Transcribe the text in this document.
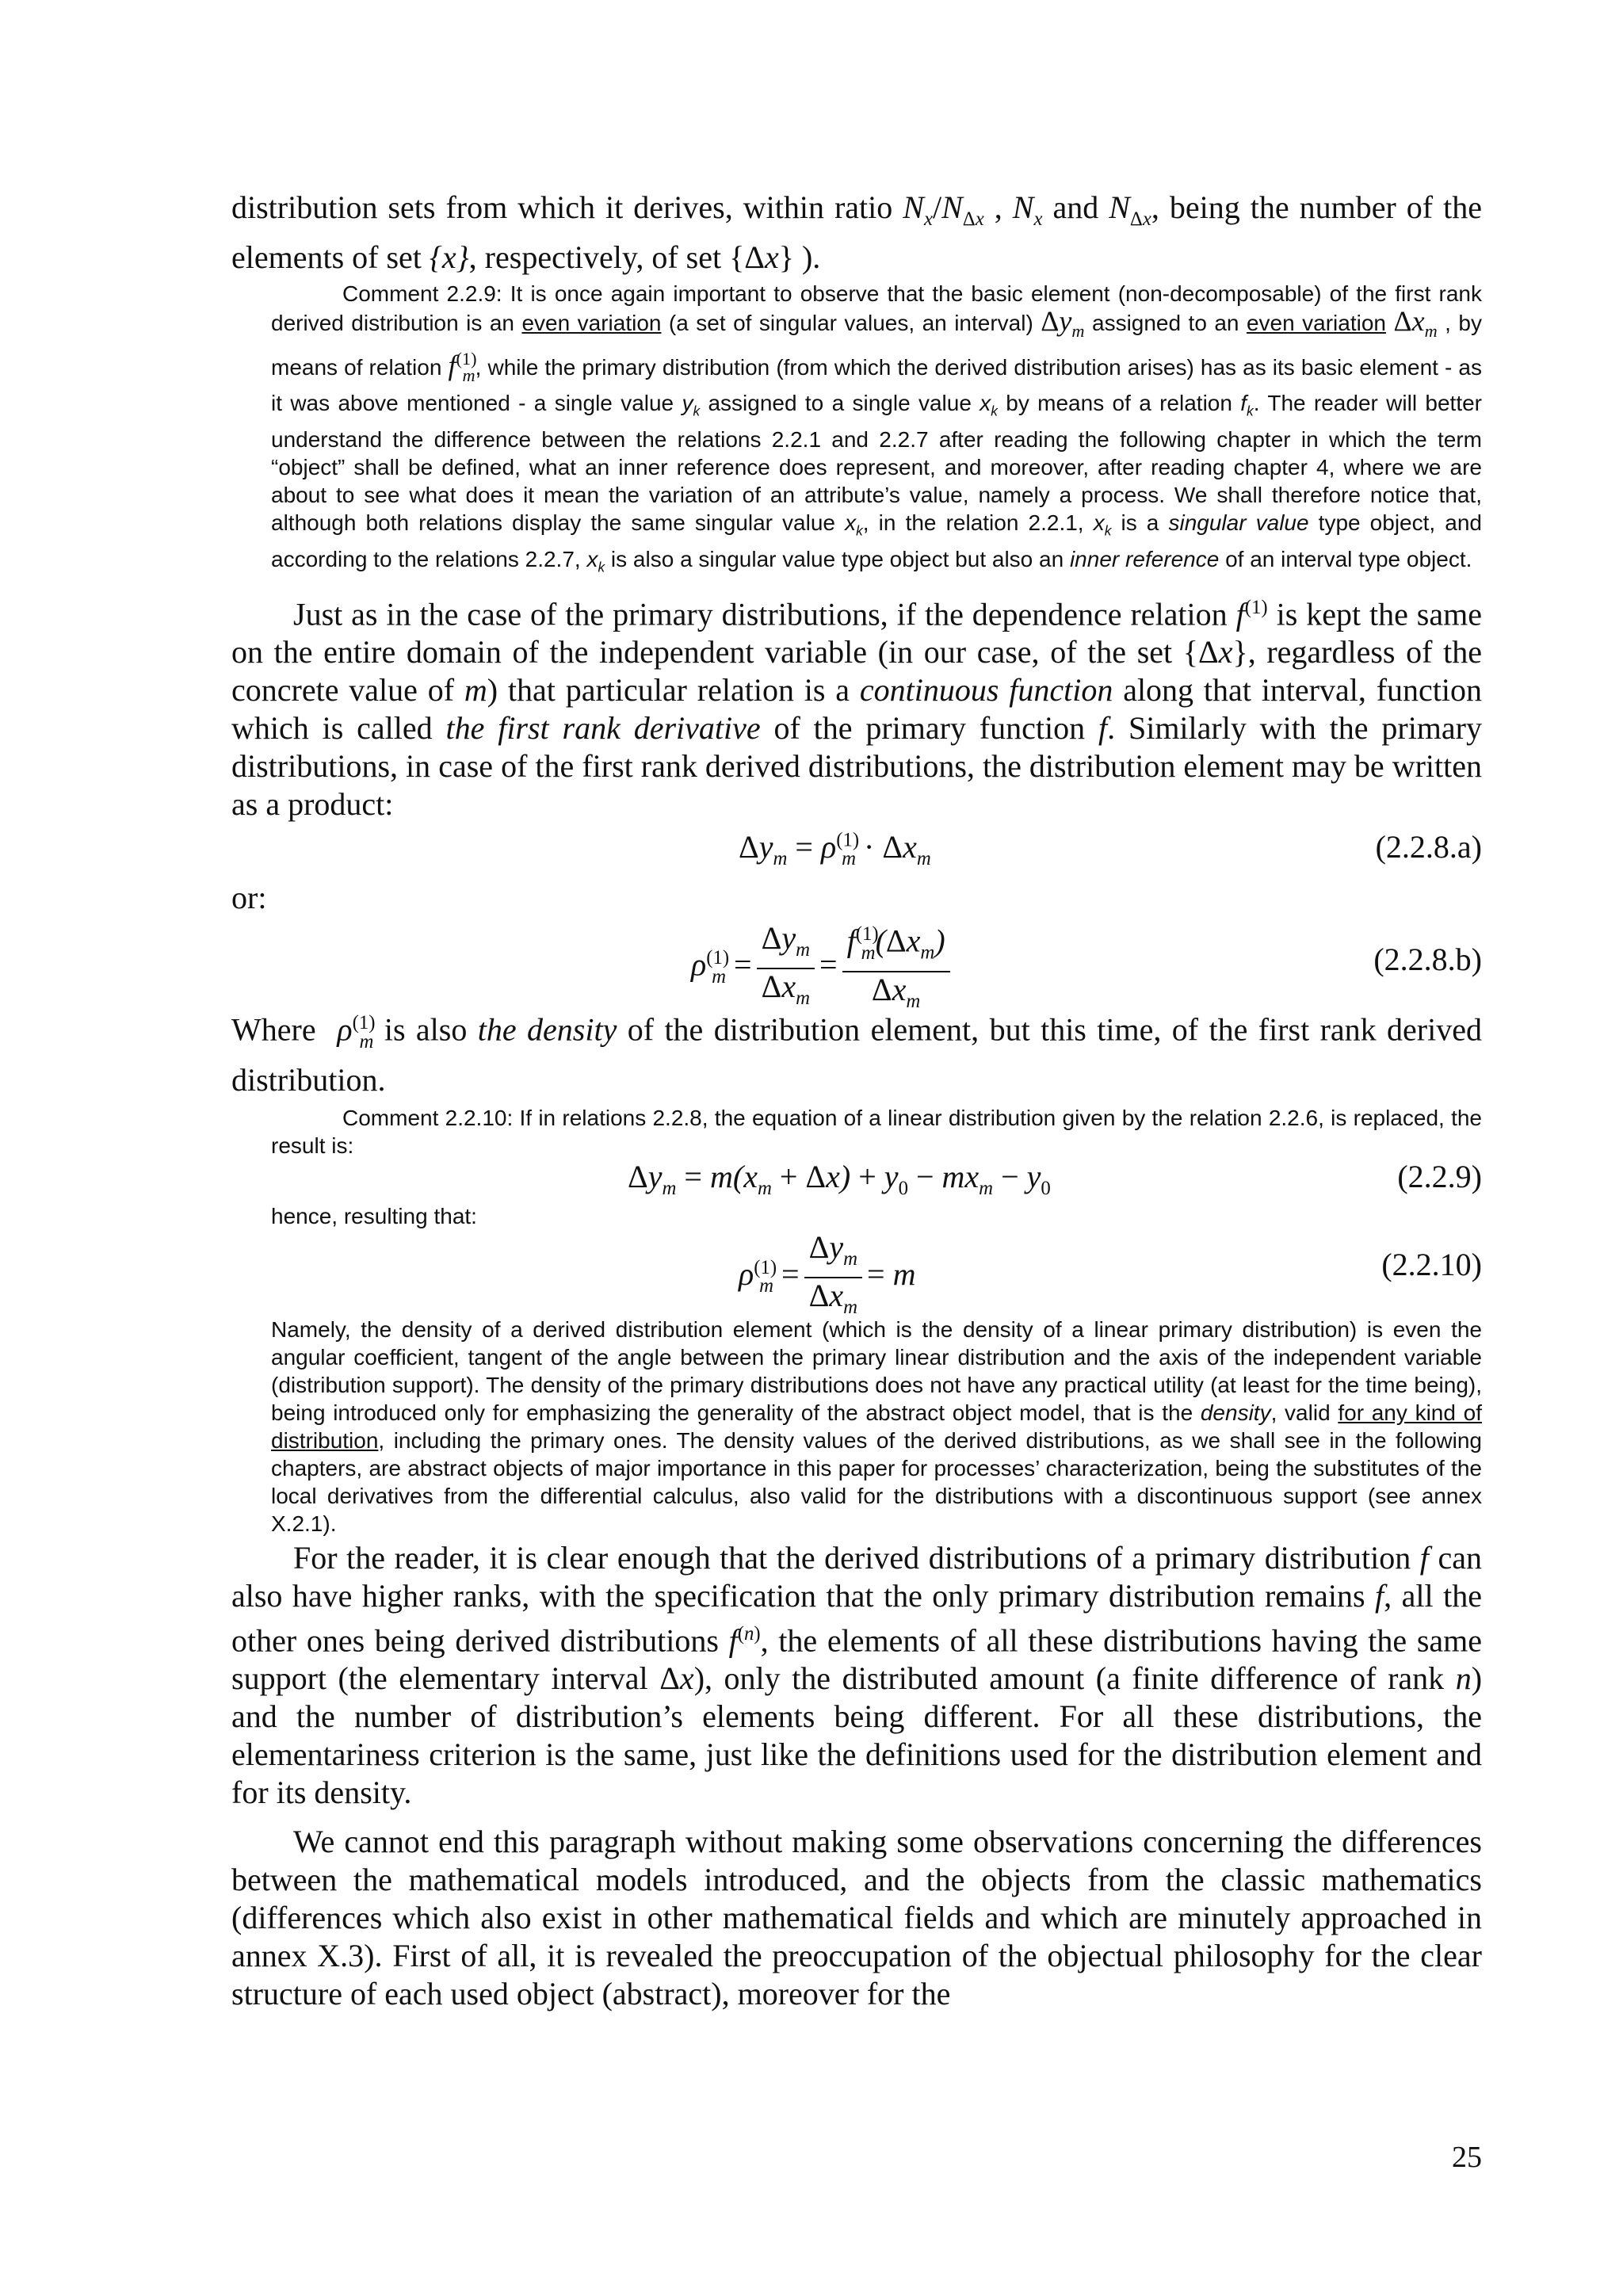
distribution sets from which it derives, within ratio $N_x/N_{\Delta x}$ , $N_x$ and $N_{\Delta x}$, being the number of the elements of set {x}, respectively, of set {Δx} ).

Comment 2.2.9: It is once again important to observe that the basic element (non-decomposable) of the first rank derived distribution is an even variation (a set of singular values, an interval) $\Delta y_m$ assigned to an even variation $\Delta x_m$ , by means of relation $f^{(1)}_m$, while the primary distribution (from which the derived distribution arises) has as its basic element - as it was above mentioned - a single value $y_k$ assigned to a single value $x_k$ by means of a relation $f_k$. The reader will better understand the difference between the relations 2.2.1 and 2.2.7 after reading the following chapter in which the term “object” shall be defined, what an inner reference does represent, and moreover, after reading chapter 4, where we are about to see what does it mean the variation of an attribute’s value, namely a process. We shall therefore notice that, although both relations display the same singular value $x_k$, in the relation 2.2.1, $x_k$ is a singular value type object, and according to the relations 2.2.7, $x_k$ is also a singular value type object but also an inner reference of an interval type object.

Just as in the case of the primary distributions, if the dependence relation $f^{(1)}$ is kept the same on the entire domain of the independent variable (in our case, of the set {Δx}, regardless of the concrete value of m) that particular relation is a continuous function along that interval, function which is called the first rank derivative of the primary function f. Similarly with the primary distributions, in case of the first rank derived distributions, the distribution element may be written as a product:

$\Delta y_m = \rho^{(1)}_m \cdot \Delta x_m$	(2.2.8.a)

or:

$\rho^{(1)}_m = \frac{\Delta y_m}{\Delta x_m} = \frac{f^{(1)}_m(\Delta x_m)}{\Delta x_m}$	(2.2.8.b)

Where  $\rho^{(1)}_m$ is also the density of the distribution element, but this time, of the first rank derived distribution.

Comment 2.2.10: If in relations 2.2.8, the equation of a linear distribution given by the relation 2.2.6, is replaced, the result is:

$\Delta y_m = m(x_m + \Delta x) + y_0 - mx_m - y_0$	(2.2.9)

hence, resulting that:

$\rho^{(1)}_m = \frac{\Delta y_m}{\Delta x_m} = m$	(2.2.10)

Namely, the density of a derived distribution element (which is the density of a linear primary distribution) is even the angular coefficient, tangent of the angle between the primary linear distribution and the axis of the independent variable (distribution support). The density of the primary distributions does not have any practical utility (at least for the time being), being introduced only for emphasizing the generality of the abstract object model, that is the density, valid for any kind of distribution, including the primary ones. The density values of the derived distributions, as we shall see in the following chapters, are abstract objects of major importance in this paper for processes’ characterization, being the substitutes of the local derivatives from the differential calculus, also valid for the distributions with a discontinuous support (see annex X.2.1).

For the reader, it is clear enough that the derived distributions of a primary distribution f can also have higher ranks, with the specification that the only primary distribution remains f, all the other ones being derived distributions $f^{(n)}$, the elements of all these distributions having the same support (the elementary interval Δx), only the distributed amount (a finite difference of rank n) and the number of distribution’s elements being different. For all these distributions, the elementariness criterion is the same, just like the definitions used for the distribution element and for its density.

We cannot end this paragraph without making some observations concerning the differences between the mathematical models introduced, and the objects from the classic mathematics (differences which also exist in other mathematical fields and which are minutely approached in annex X.3). First of all, it is revealed the preoccupation of the objectual philosophy for the clear structure of each used object (abstract), moreover for the

25
